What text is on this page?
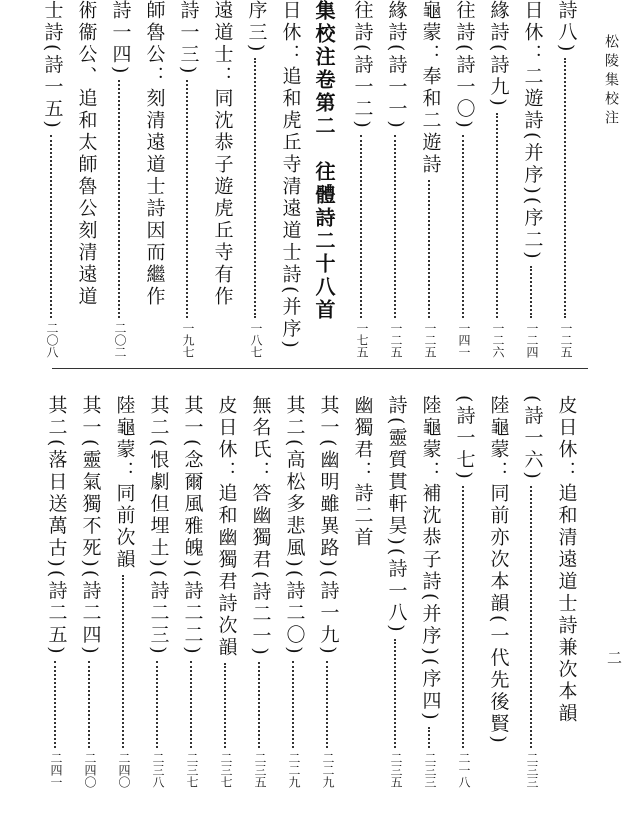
松陵集校注
二
詩八)
一二五
日休：二遊詩(并序)(序二)
一二四
緣詩(詩九)
一二六
往詩(詩一〇)
一四一
龜蒙：奉和二遊詩
一二五
緣詩(詩一一)
一二五
往詩(詩一二)
一七五
集校注卷第二　往體詩二十八首
日休：追和虎丘寺清遠道士詩(并序)
序三)
一八七
遠道士：同沈恭子遊虎丘寺有作
詩一三)
一九七
師魯公：刻清遠道士詩因而繼作
詩一四)
二〇二
術衞公、追和太師魯公刻清遠道
士詩(詩一五)
二〇八
皮日休：追和清遠道士詩兼次本韻
(詩一六)
二三三
陸龜蒙：同前亦次本韻(一代先後賢)
(詩一七)
二一八
陸龜蒙：補沈恭子詩(并序)(序四)
二三三
詩(靈質貫軒昊)(詩一八)
二三五
幽獨君：詩二首
其一(幽明雖異路)(詩一九)
二二九
其二(高松多悲風)(詩二〇)
二二九
無名氏：答幽獨君(詩二一)
二三五
皮日休：追和幽獨君詩次韻
二三七
其一(念爾風雅魄)(詩二二)
二三七
其二(恨劇但埋土)(詩二三)
二三八
陸龜蒙：同前次韻
二四〇
其一(靈氣獨不死)(詩二四)
二四〇
其二(落日送萬古)(詩二五)
二四一
